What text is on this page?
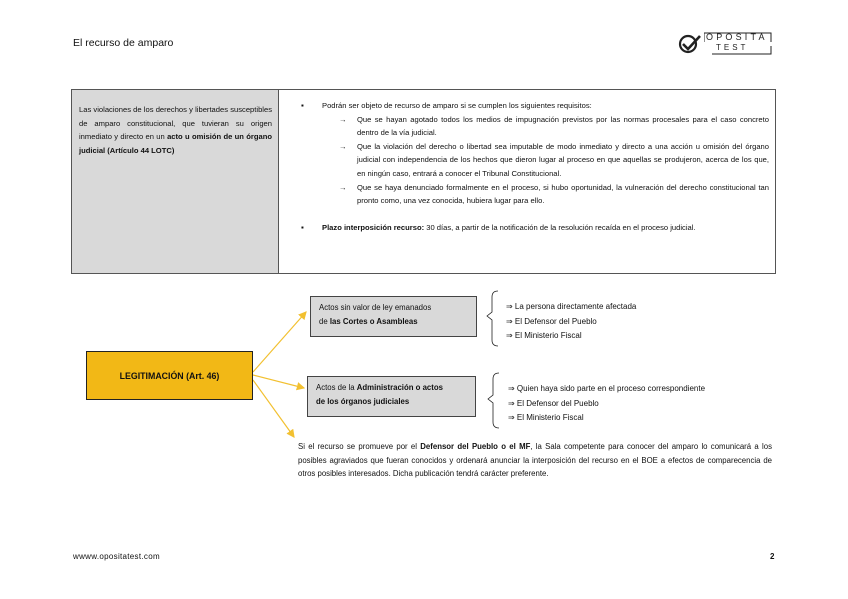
El recurso de amparo	OPOSITA
TEST
Las violaciones de los derechos y libertades susceptibles de amparo constitucional, que tuvieran su origen inmediato y directo en un acto u omisión de un órgano judicial (Artículo 44 LOTC)
▪ Podrán ser objeto de recurso de amparo si se cumplen los siguientes requisitos:
→ Que se hayan agotado todos los medios de impugnación previstos por las normas procesales para el caso concreto dentro de la vía judicial.
→ Que la violación del derecho o libertad sea imputable de modo inmediato y directo a una acción u omisión del órgano judicial con independencia de los hechos que dieron lugar al proceso en que aquellas se produjeron, acerca de los que, en ningún caso, entrará a conocer el Tribunal Constitucional.
→ Que se haya denunciado formalmente en el proceso, si hubo oportunidad, la vulneración del derecho constitucional tan pronto como, una vez conocida, hubiera lugar para ello.
▪ Plazo interposición recurso: 30 días, a partir de la notificación de la resolución recaída en el proceso judicial.
LEGITIMACIÓN (Art. 46)
Actos sin valor de ley emanados
de las Cortes o Asambleas
Actos de la Administración o actos
de los órganos judiciales
⇒ La persona directamente afectada
⇒ El Defensor del Pueblo
⇒ El Ministerio Fiscal
⇒ Quien haya sido parte en el proceso correspondiente
⇒ El Defensor del Pueblo
⇒ El Ministerio Fiscal
Si el recurso se promueve por el Defensor del Pueblo o el MF, la Sala competente para conocer del amparo lo comunicará a los posibles agraviados que fueran conocidos y ordenará anunciar la interposición del recurso en el BOE a efectos de comparecencia de otros posibles interesados. Dicha publicación tendrá carácter preferente.
wwww.opositatest.com	2
